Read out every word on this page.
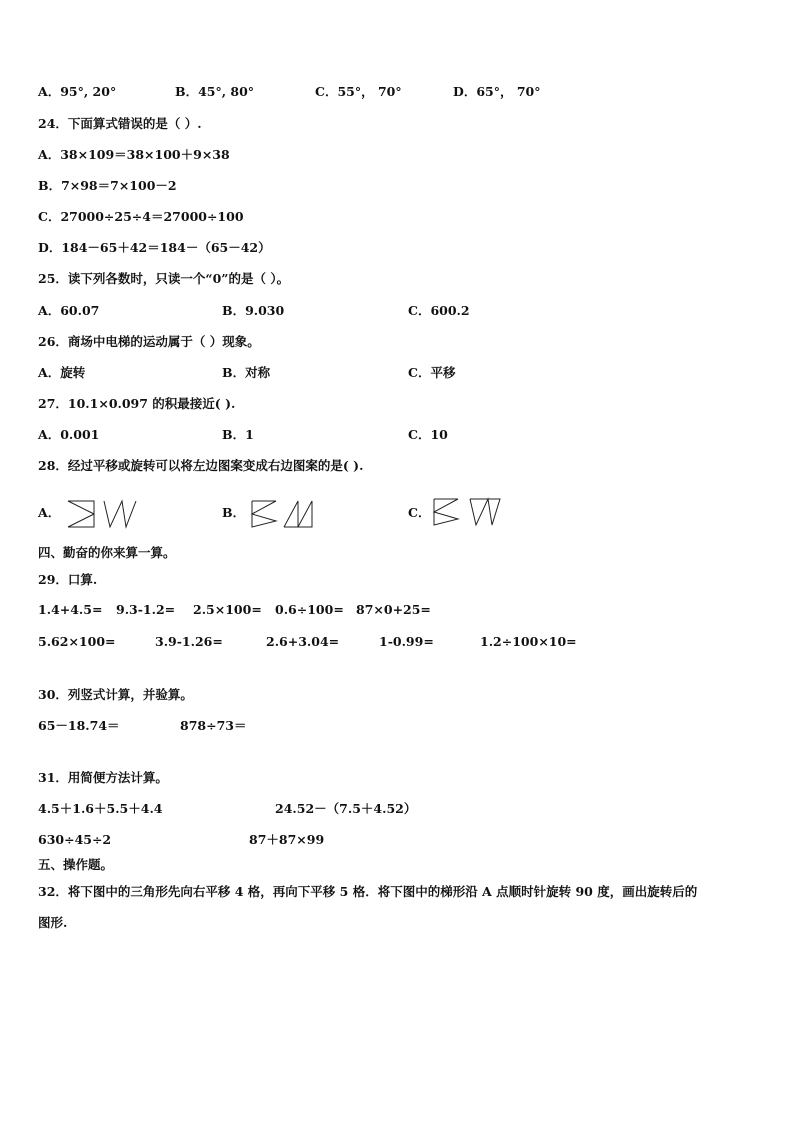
A．95°, 20°	B．45°, 80°	C．55°， 70°	D．65°， 70°
24．下面算式错误的是（ ）.
A．38×109＝38×100＋9×38
B．7×98＝7×100－2
C．27000÷25÷4＝27000÷100
D．184－65＋42＝184－（65－42）
25．读下列各数时，只读一个“0”的是（ ）。
A．60.07	B．9.030	C．600.2
26．商场中电梯的运动属于（ ）现象。
A．旋转	B．对称	C．平移
27．10.1×0.097 的积最接近( ).
A．0.001	B．1	C．10
28．经过平移或旋转可以将左边图案变成右边图案的是( ).
A．	B．	C．
四、勤奋的你来算一算。
29．口算.
1.4+4.5= 9.3-1.2= 2.5×100= 0.6÷100= 87×0+25=
5.62×100=	3.9-1.26=	2.6+3.04=	1-0.99=	1.2÷100×10=
30．列竖式计算，并验算。
65－18.74＝	878÷73＝
31．用简便方法计算。
4.5＋1.6＋5.5＋4.4	24.52－（7.5＋4.52）
630÷45÷2	87＋87×99
五、操作题。
32．将下图中的三角形先向右平移 4 格，再向下平移 5 格．将下图中的梯形沿 A 点顺时针旋转 90 度，画出旋转后的
图形.
